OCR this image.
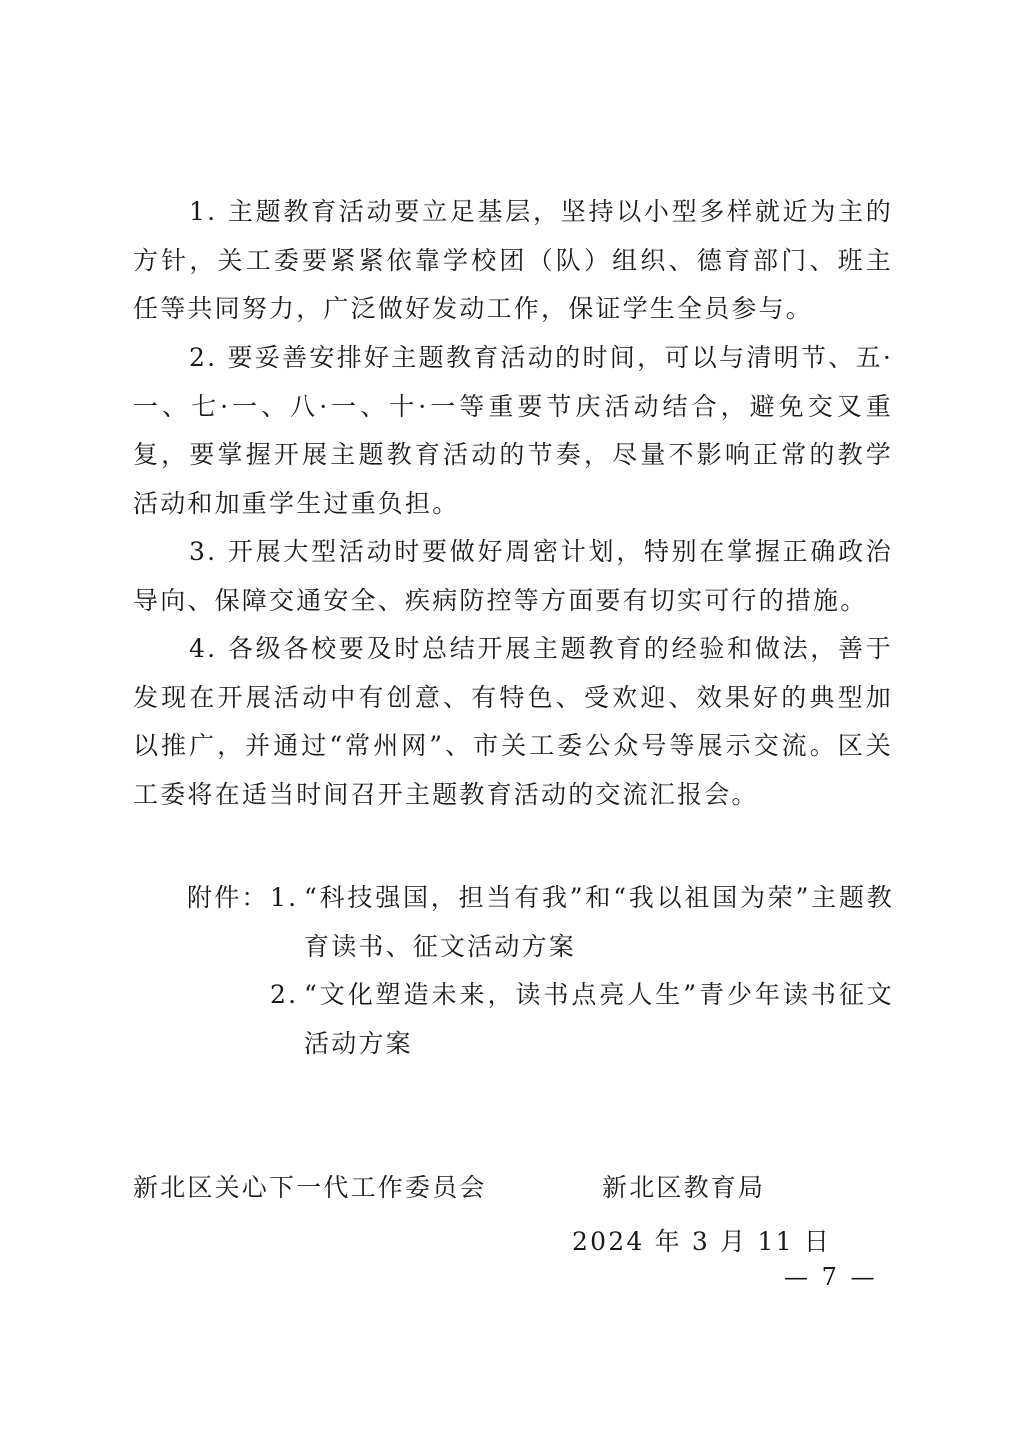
1. 主题教育活动要立足基层，坚持以小型多样就近为主的方针，关工委要紧紧依靠学校团（队）组织、德育部门、班主任等共同努力，广泛做好发动工作，保证学生全员参与。

2. 要妥善安排好主题教育活动的时间，可以与清明节、五·一、七·一、八·一、十·一等重要节庆活动结合，避免交叉重复，要掌握开展主题教育活动的节奏，尽量不影响正常的教学活动和加重学生过重负担。

3. 开展大型活动时要做好周密计划，特别在掌握正确政治导向、保障交通安全、疾病防控等方面要有切实可行的措施。

4. 各级各校要及时总结开展主题教育的经验和做法，善于发现在开展活动中有创意、有特色、受欢迎、效果好的典型加以推广，并通过“常州网”、市关工委公众号等展示交流。区关工委将在适当时间召开主题教育活动的交流汇报会。

附件： 1. “科技强国，担当有我”和“我以祖国为荣”主题教育读书、征文活动方案

2. “文化塑造未来，读书点亮人生”青少年读书征文活动方案

新北区关心下一代工作委员会	新北区教育局

2024 年 3 月 11 日

— 7 —
